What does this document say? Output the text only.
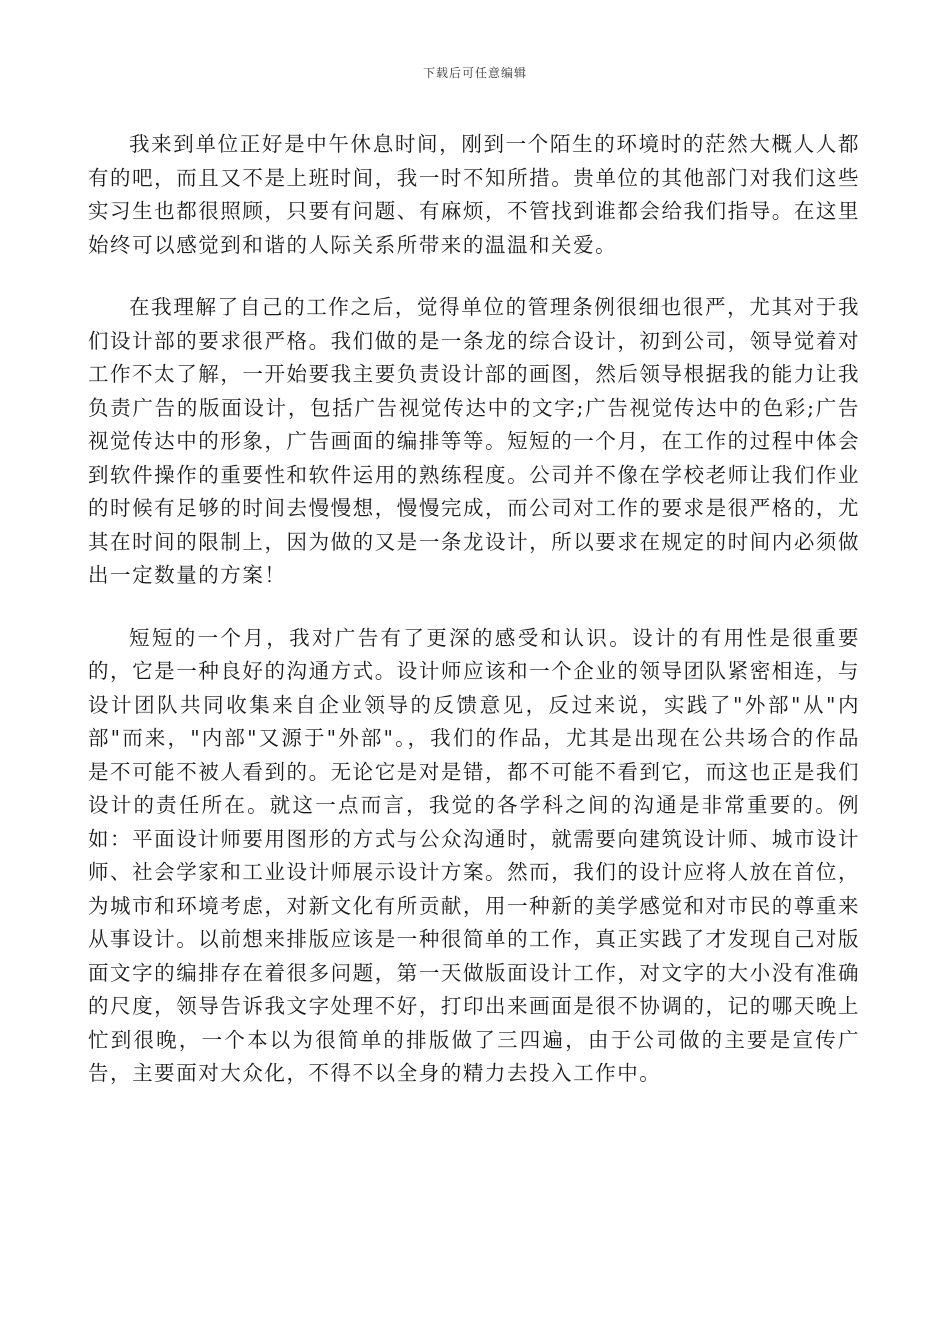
下载后可任意编辑

我来到单位正好是中午休息时间，刚到一个陌生的环境时的茫然大概人人都有的吧，而且又不是上班时间，我一时不知所措。贵单位的其他部门对我们这些实习生也都很照顾，只要有问题、有麻烦，不管找到谁都会给我们指导。在这里始终可以感觉到和谐的人际关系所带来的温温和关爱。

在我理解了自己的工作之后，觉得单位的管理条例很细也很严，尤其对于我们设计部的要求很严格。我们做的是一条龙的综合设计，初到公司，领导觉着对工作不太了解，一开始要我主要负责设计部的画图，然后领导根据我的能力让我负责广告的版面设计，包括广告视觉传达中的文字;广告视觉传达中的色彩;广告视觉传达中的形象，广告画面的编排等等。短短的一个月，在工作的过程中体会到软件操作的重要性和软件运用的熟练程度。公司并不像在学校老师让我们作业的时候有足够的时间去慢慢想，慢慢完成，而公司对工作的要求是很严格的，尤其在时间的限制上，因为做的又是一条龙设计，所以要求在规定的时间内必须做出一定数量的方案！

短短的一个月，我对广告有了更深的感受和认识。设计的有用性是很重要的，它是一种良好的沟通方式。设计师应该和一个企业的领导团队紧密相连，与设计团队共同收集来自企业领导的反馈意见，反过来说，实践了"外部"从"内部"而来，"内部"又源于"外部"。，我们的作品，尤其是出现在公共场合的作品是不可能不被人看到的。无论它是对是错，都不可能不看到它，而这也正是我们设计的责任所在。就这一点而言，我觉的各学科之间的沟通是非常重要的。例如：平面设计师要用图形的方式与公众沟通时，就需要向建筑设计师、城市设计师、社会学家和工业设计师展示设计方案。然而，我们的设计应将人放在首位，为城市和环境考虑，对新文化有所贡献，用一种新的美学感觉和对市民的尊重来从事设计。以前想来排版应该是一种很简单的工作，真正实践了才发现自己对版面文字的编排存在着很多问题，第一天做版面设计工作，对文字的大小没有准确的尺度，领导告诉我文字处理不好，打印出来画面是很不协调的，记的哪天晚上忙到很晚，一个本以为很简单的排版做了三四遍，由于公司做的主要是宣传广告，主要面对大众化，不得不以全身的精力去投入工作中。
